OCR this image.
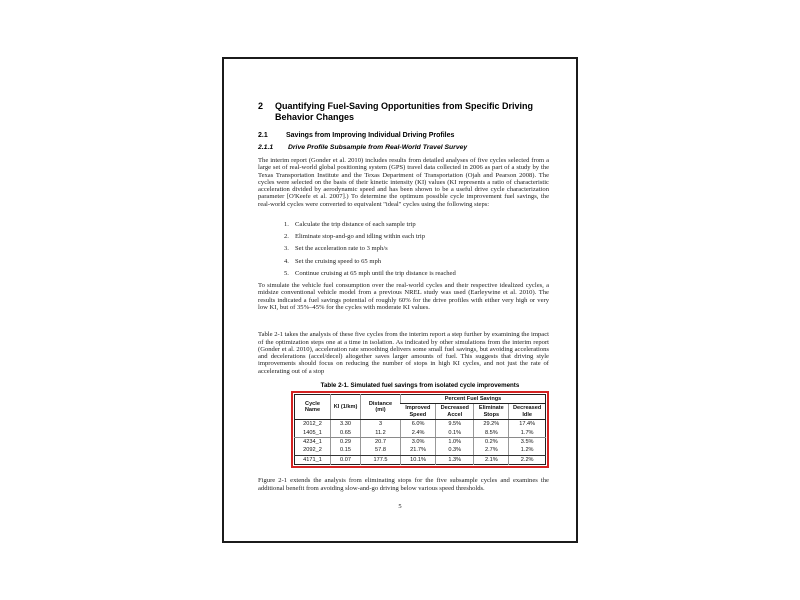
2	Quantifying Fuel-Saving Opportunities from Specific Driving Behavior Changes
2.1	Savings from Improving Individual Driving Profiles
2.1.1	Drive Profile Subsample from Real-World Travel Survey

The interim report (Gonder et al. 2010) includes results from detailed analyses of five cycles selected from a large set of real-world global positioning system (GPS) travel data collected in 2006 as part of a study by the Texas Transportation Institute and the Texas Department of Transportation (Ojah and Pearson 2008). The cycles were selected on the basis of their kinetic intensity (KI) values (KI represents a ratio of characteristic acceleration divided by aerodynamic speed and has been shown to be a useful drive cycle characterization parameter [O'Keefe et al. 2007].) To determine the optimum possible cycle improvement fuel savings, the real-world cycles were converted to equivalent "ideal" cycles using the following steps:

1. Calculate the trip distance of each sample trip
2. Eliminate stop-and-go and idling within each trip
3. Set the acceleration rate to 3 mph/s
4. Set the cruising speed to 65 mph
5. Continue cruising at 65 mph until the trip distance is reached

To simulate the vehicle fuel consumption over the real-world cycles and their respective idealized cycles, a midsize conventional vehicle model from a previous NREL study was used (Earleywine et al. 2010). The results indicated a fuel savings potential of roughly 60% for the drive profiles with either very high or very low KI, but of 35%–45% for the cycles with moderate KI values.

Table 2-1 takes the analysis of these five cycles from the interim report a step further by examining the impact of the optimization steps one at a time in isolation. As indicated by other simulations from the interim report (Gonder et al. 2010), acceleration rate smoothing delivers some small fuel savings, but avoiding accelerations and decelerations (accel/decel) altogether saves larger amounts of fuel. This suggests that driving style improvements should focus on reducing the number of stops in high KI cycles, and not just the rate of accelerating out of a stop

Table 2-1. Simulated fuel savings from isolated cycle improvements
Cycle Name	KI (1/km)	Distance (mi)	Percent Fuel Savings			
			Improved Speed	Decreased Accel	Eliminate Stops	Decreased Idle
2012_2	3.30	3	6.0%	9.5%	29.2%	17.4%
1405_1	0.65	11.2	2.4%	0.1%	8.5%	1.7%
4234_1	0.29	20.7	3.0%	1.0%	0.2%	3.5%
2092_2	0.15	57.8	21.7%	0.3%	2.7%	1.2%
4171_1	0.07	177.5	10.1%	1.3%	2.1%	2.2%

Figure 2-1 extends the analysis from eliminating stops for the five subsample cycles and examines the additional benefit from avoiding slow-and-go driving below various speed thresholds.

5
